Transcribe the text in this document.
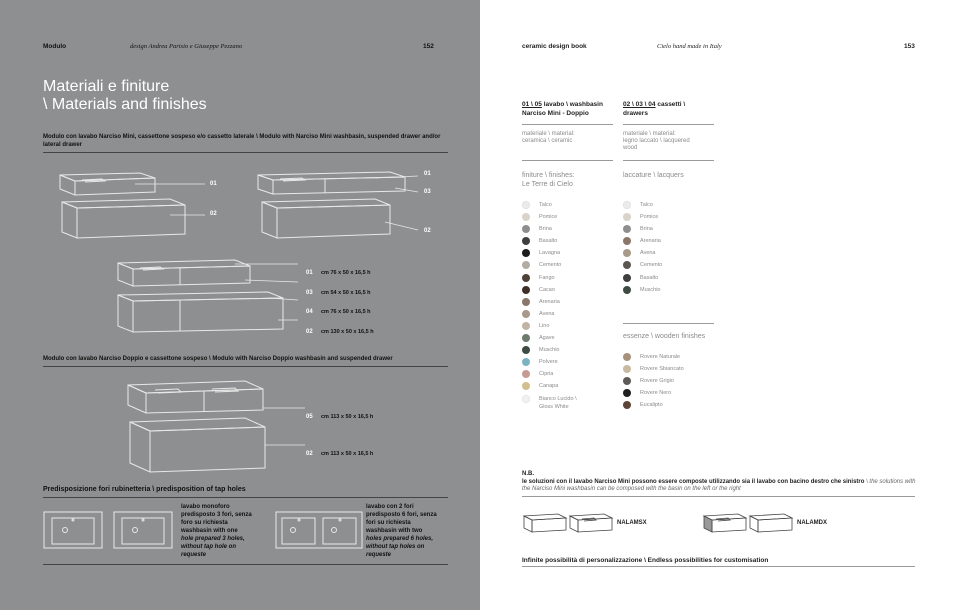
Modulo	design Andrea Parisio e Giuseppe Pezzano	152
Materiali e finiture
\ Materials and finishes
Modulo con lavabo Narciso Mini, cassettone sospeso e/o cassetto laterale \ Modulo with Narciso Mini washbasin, suspended drawer and/or lateral drawer
01
02
01
03
02
01 cm 76 x 50 x 16,5 h
03 cm 54 x 50 x 16,5 h
04 cm 76 x 50 x 16,5 h
02 cm 130 x 50 x 16,5 h
Modulo con lavabo Narciso Doppio e cassettone sospeso \ Modulo with Narciso Doppio washbasin and suspended drawer
05 cm 113 x 50 x 16,5 h
02 cm 113 x 50 x 16,5 h
Predisposizione fori rubinetteria \ predisposition of tap holes
lavabo monoforo
predisposto 3 fori, senza
foro su richiesta
washbasin with one
hole prepared 3 holes,
without tap hole on
requeste
lavabo con 2 fori
predisposto 6 fori, senza
fori su richiesta
washbasin with two
holes prepared 6 holes,
without tap holes on
requeste
ceramic design book	Cielo hand made in Italy	153
01 \ 05 lavabo \ washbasin
Narciso Mini - Doppio
materiale \ material:
ceramica \ ceramic
finiture \ finishes:
Le Terre di Cielo
Talco
Pomice
Brina
Basalto
Lavagna
Cemento
Fango
Cacao
Arenaria
Avena
Lino
Agave
Muschio
Polvere
Cipria
Canapa
Bianco Lucido \
Gloss White
02 \ 03 \ 04 cassetti \
drawers
materiale \ material:
legno laccato \ lacquered
wood
laccature \ lacquers
Talco
Pomice
Brina
Arenaria
Avena
Cemento
Basalto
Muschio
essenze \ wooden finishes
Rovere Naturale
Rovere Sbiancato
Rovere Grigio
Rovere Nero
Eucalipto
N.B.
le soluzioni con il lavabo Narciso Mini possono essere composte utilizzando sia il lavabo con bacino destro che sinistro \ the solutions with the Narciso Mini washbasin can be composed with the basin on the left or the right
NALAMSX	NALAMDX
Infinite possibilità di personalizzazione \ Endless possibilities for customisation
